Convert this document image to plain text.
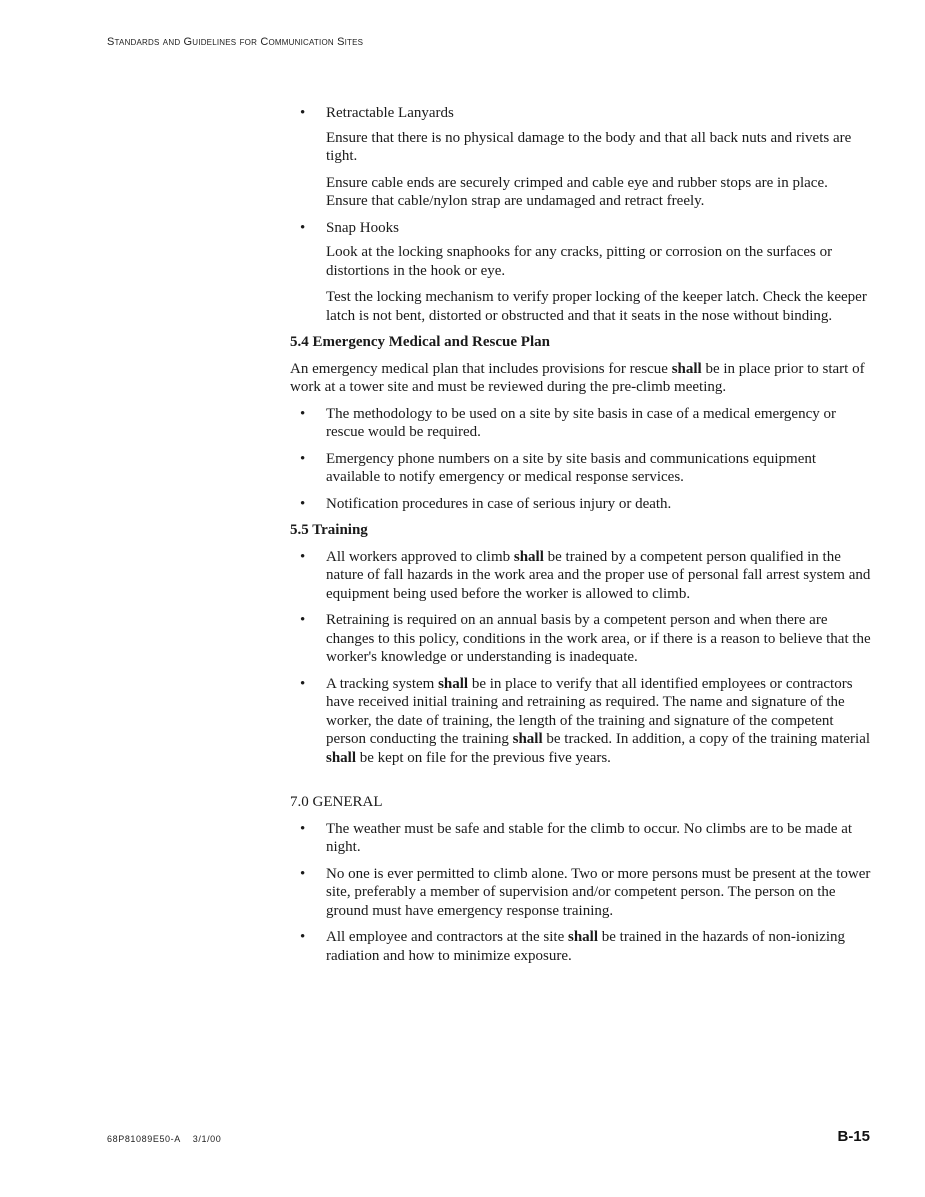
Standards and Guidelines for Communication Sites
• Retractable Lanyards

Ensure that there is no physical damage to the body and that all back nuts and rivets are tight.

Ensure cable ends are securely crimped and cable eye and rubber stops are in place. Ensure that cable/nylon strap are undamaged and retract freely.

• Snap Hooks

Look at the locking snaphooks for any cracks, pitting or corrosion on the surfaces or distortions in the hook or eye.

Test the locking mechanism to verify proper locking of the keeper latch. Check the keeper latch is not bent, distorted or obstructed and that it seats in the nose without binding.

5.4 Emergency Medical and Rescue Plan

An emergency medical plan that includes provisions for rescue shall be in place prior to start of work at a tower site and must be reviewed during the pre-climb meeting.

• The methodology to be used on a site by site basis in case of a medical emergency or rescue would be required.

• Emergency phone numbers on a site by site basis and communications equipment available to notify emergency or medical response services.

• Notification procedures in case of serious injury or death.

5.5 Training
• All workers approved to climb shall be trained by a competent person qualified in the nature of fall hazards in the work area and the proper use of personal fall arrest system and equipment being used before the worker is allowed to climb.

• Retraining is required on an annual basis by a competent person and when there are changes to this policy, conditions in the work area, or if there is a reason to believe that the worker's knowledge or understanding is inadequate.

• A tracking system shall be in place to verify that all identified employees or contractors have received initial training and retraining as required. The name and signature of the worker, the date of training, the length of the training and signature of the competent person conducting the training shall be tracked. In addition, a copy of the training material shall be kept on file for the previous five years.

7.0 GENERAL
• The weather must be safe and stable for the climb to occur. No climbs are to be made at night.

• No one is ever permitted to climb alone. Two or more persons must be present at the tower site, preferably a member of supervision and/or competent person. The person on the ground must have emergency response training.

• All employee and contractors at the site shall be trained in the hazards of non-ionizing radiation and how to minimize exposure.

68P81089E50-A 3/1/00	B-15
